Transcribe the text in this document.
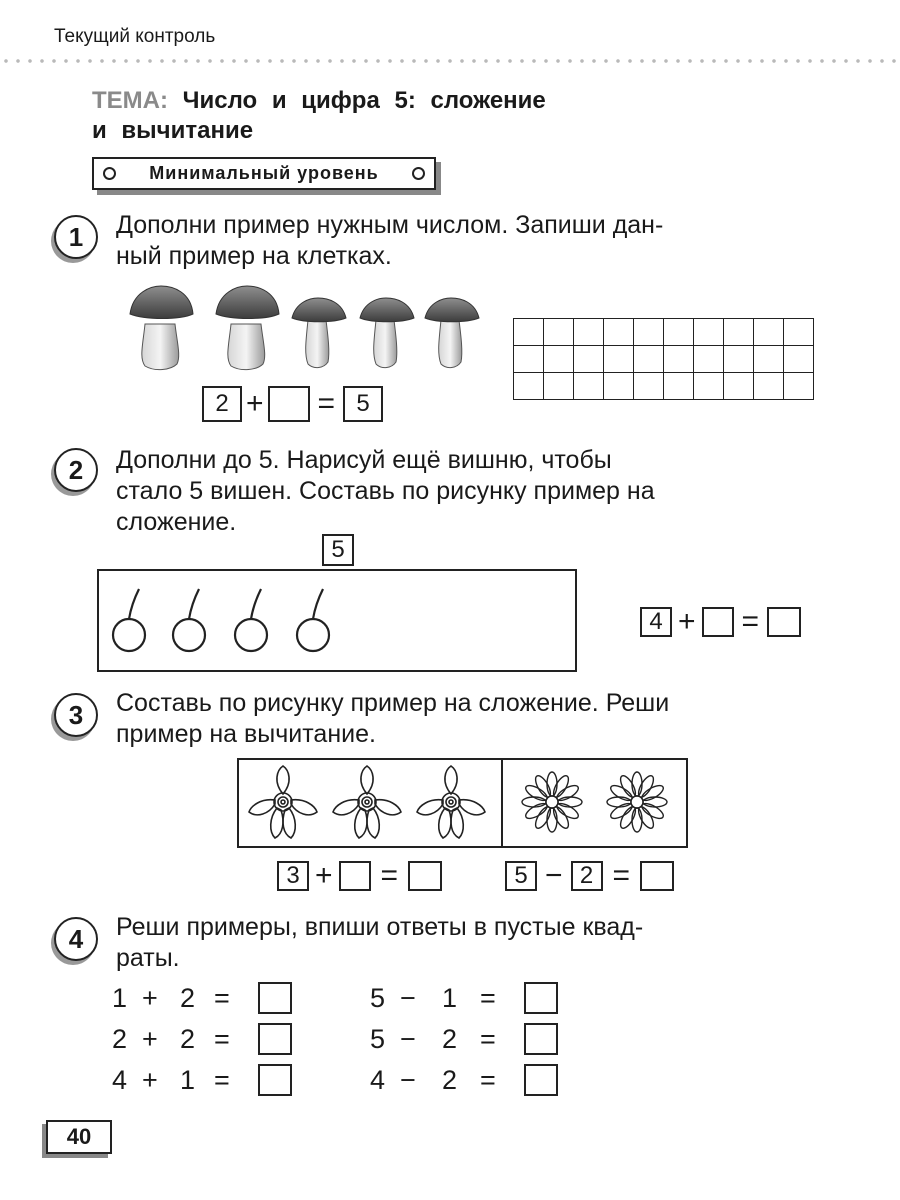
Текущий контроль
ТЕМА: Число и цифра 5: сложение
и вычитание
Минимальный уровень
1	Дополни пример нужным числом. Запиши дан-
ный пример на клетках.

2 + = 5
2	Дополни до 5. Нарисуй ещё вишню, чтобы
стало 5 вишен. Составь по рисунку пример на
сложение.
5
4 + =
3	Составь по рисунку пример на сложение. Реши
пример на вычитание.
3 + =	5 − 2 =
4	Реши примеры, впиши ответы в пустые квад-
раты.
1 + 2 =
2 + 2 =
4 + 1 =
5 − 1 =
5 − 2 =
4 − 2 =
40
